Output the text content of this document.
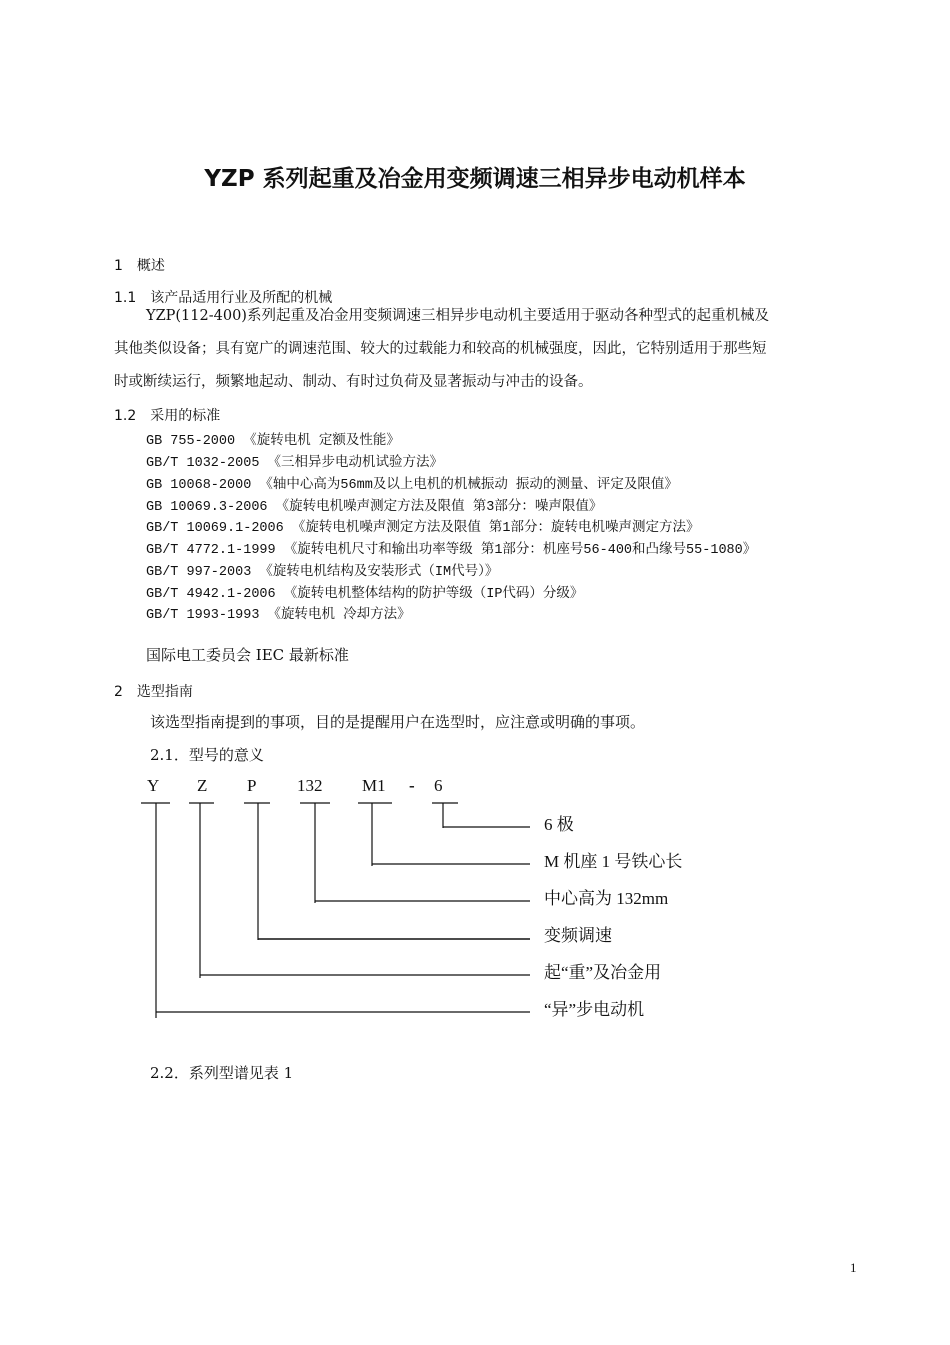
YZP 系列起重及冶金用变频调速三相异步电动机样本
1　概述
1.1　该产品适用行业及所配的机械
YZP(112-400)系列起重及冶金用变频调速三相异步电动机主要适用于驱动各种型式的起重机械及
其他类似设备；具有宽广的调速范围、较大的过载能力和较高的机械强度，因此，它特别适用于那些短
时或断续运行，频繁地起动、制动、有时过负荷及显著振动与冲击的设备。
1.2　采用的标准
GB 755-2000 《旋转电机 定额及性能》
GB/T 1032-2005 《三相异步电动机试验方法》
GB 10068-2000 《轴中心高为56mm及以上电机的机械振动 振动的测量、评定及限值》
GB 10069.3-2006 《旋转电机噪声测定方法及限值 第3部分：噪声限值》
GB/T 10069.1-2006 《旋转电机噪声测定方法及限值 第1部分：旋转电机噪声测定方法》
GB/T 4772.1-1999 《旋转电机尺寸和输出功率等级 第1部分：机座号56-400和凸缘号55-1080》
GB/T 997-2003 《旋转电机结构及安装形式（IM代号）》
GB/T 4942.1-2006 《旋转电机整体结构的防护等级（IP代码）分级》
GB/T 1993-1993 《旋转电机 冷却方法》
国际电工委员会 IEC 最新标准
2　选型指南
该选型指南提到的事项，目的是提醒用户在选型时，应注意或明确的事项。
2.1．型号的意义
Y Z P 132 M1 - 6
6 极
M 机座 1 号铁心长
中心高为 132mm
变频调速
起“重”及冶金用
“异”步电动机
2.2．系列型谱见表 1
1
